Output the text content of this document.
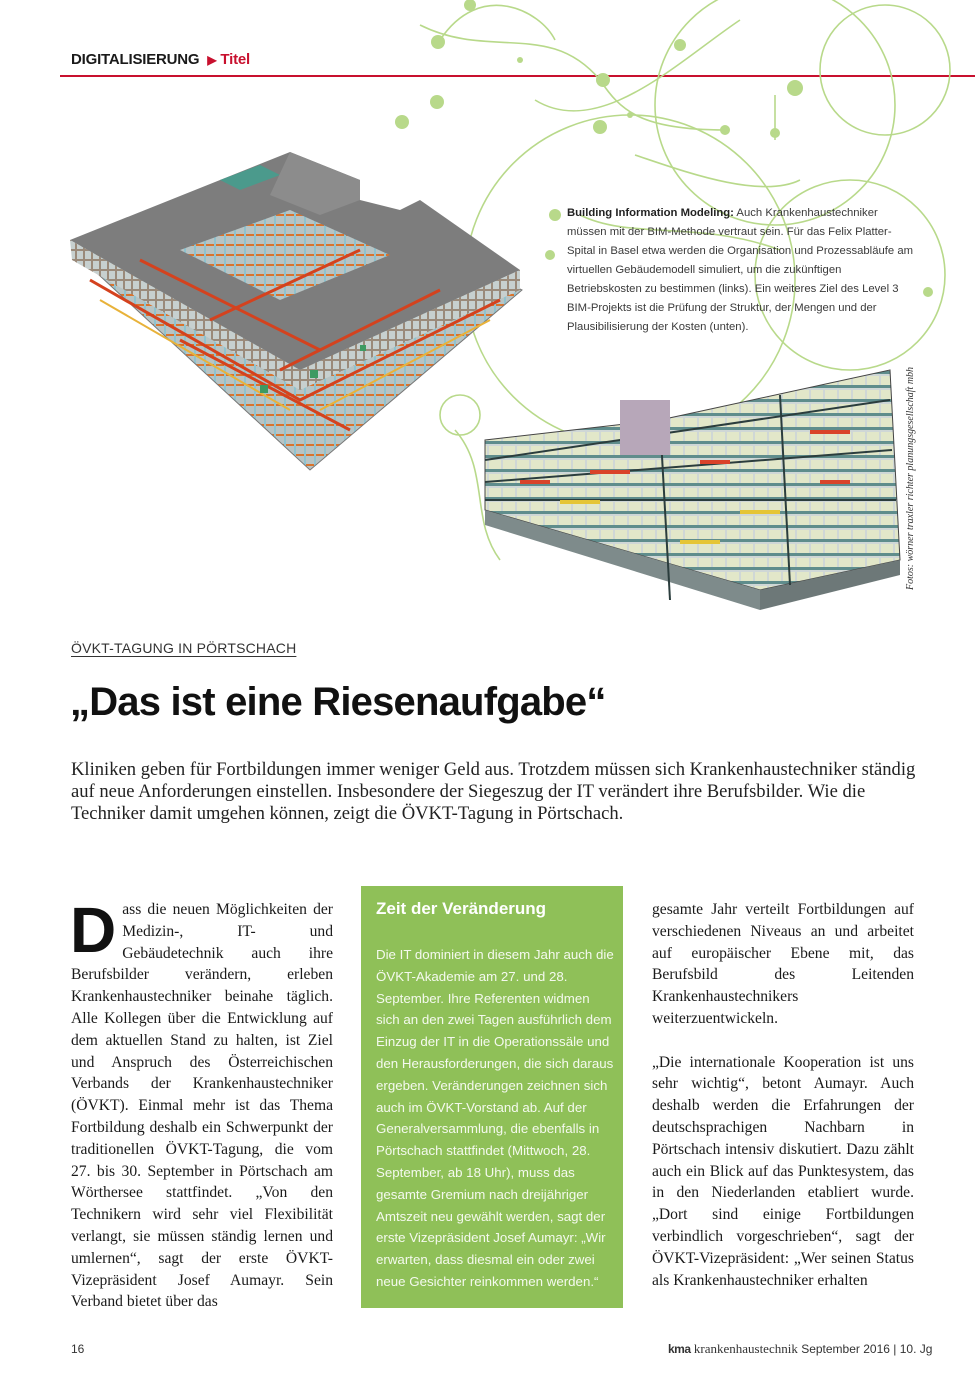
DIGITALISIERUNG ▶ Titel
Building Information Modeling: Auch Krankenhaustechniker müssen mit der BIM-Methode vertraut sein. Für das Felix Platter-Spital in Basel etwa werden die Organisation und Prozessabläufe am virtuellen Gebäudemodell simuliert, um die zukünftigen Betriebskosten zu bestimmen (links). Ein weiteres Ziel des Level 3 BIM-Projekts ist die Prüfung der Struktur, der Mengen und der Plausibilisierung der Kosten (unten).
Fotos: wörner traxler richter planungsgesellschaft mbh
ÖVKT-TAGUNG IN PÖRTSCHACH
„Das ist eine Riesenaufgabe“
Kliniken geben für Fortbildungen immer weniger Geld aus. Trotzdem müssen sich Krankenhaustechniker ständig auf neue Anforderungen einstellen. Insbesondere der Siegeszug der IT verändert ihre Berufsbilder. Wie die Techniker damit umgehen können, zeigt die ÖVKT-Tagung in Pörtschach.
D ass die neuen Möglichkeiten der Medizin-, IT- und Gebäudetechnik auch ihre Berufsbilder verändern, erleben Krankenhaustechniker beinahe täglich. Alle Kollegen über die Entwicklung auf dem aktuellen Stand zu halten, ist Ziel und Anspruch des Österreichischen Verbands der Krankenhaustechniker (ÖVKT). Einmal mehr ist das Thema Fortbildung deshalb ein Schwerpunkt der traditionellen ÖVKT-Tagung, die vom 27. bis 30. September in Pörtschach am Wörthersee stattfindet. „Von den Technikern wird sehr viel Flexibilität verlangt, sie müssen ständig lernen und umlernen“, sagt der erste ÖVKT-Vizepräsident Josef Aumayr. Sein Verband bietet über das

Zeit der Veränderung
Die IT dominiert in diesem Jahr auch die ÖVKT-Akademie am 27. und 28. September. Ihre Referenten widmen sich an den zwei Tagen ausführlich dem Einzug der IT in die Operationssäle und den Herausforderungen, die sich daraus ergeben. Veränderungen zeichnen sich auch im ÖVKT-Vorstand ab. Auf der Generalversammlung, die ebenfalls in Pörtschach stattfindet (Mittwoch, 28. September, ab 18 Uhr), muss das gesamte Gremium nach dreijähriger Amtszeit neu gewählt werden, sagt der erste Vizepräsident Josef Aumayr: „Wir erwarten, dass diesmal ein oder zwei neue Gesichter reinkommen werden.“

gesamte Jahr verteilt Fortbildungen auf verschiedenen Niveaus an und arbeitet auf europäischer Ebene mit, das Berufsbild des Leitenden Krankenhaustechnikers weiterzuentwickeln.

„Die internationale Kooperation ist uns sehr wichtig“, betont Aumayr. Auch deshalb werden die Erfahrungen der deutschsprachigen Nachbarn in Pörtschach intensiv diskutiert. Dazu zählt auch ein Blick auf das Punktesystem, das in den Niederlanden etabliert wurde. „Dort sind einige Fortbildungen verbindlich vorgeschrieben“, sagt der ÖVKT-Vizepräsident: „Wer seinen Status als Krankenhaustechniker erhalten

16	kma krankenhaustechnik September 2016 | 10. Jg
